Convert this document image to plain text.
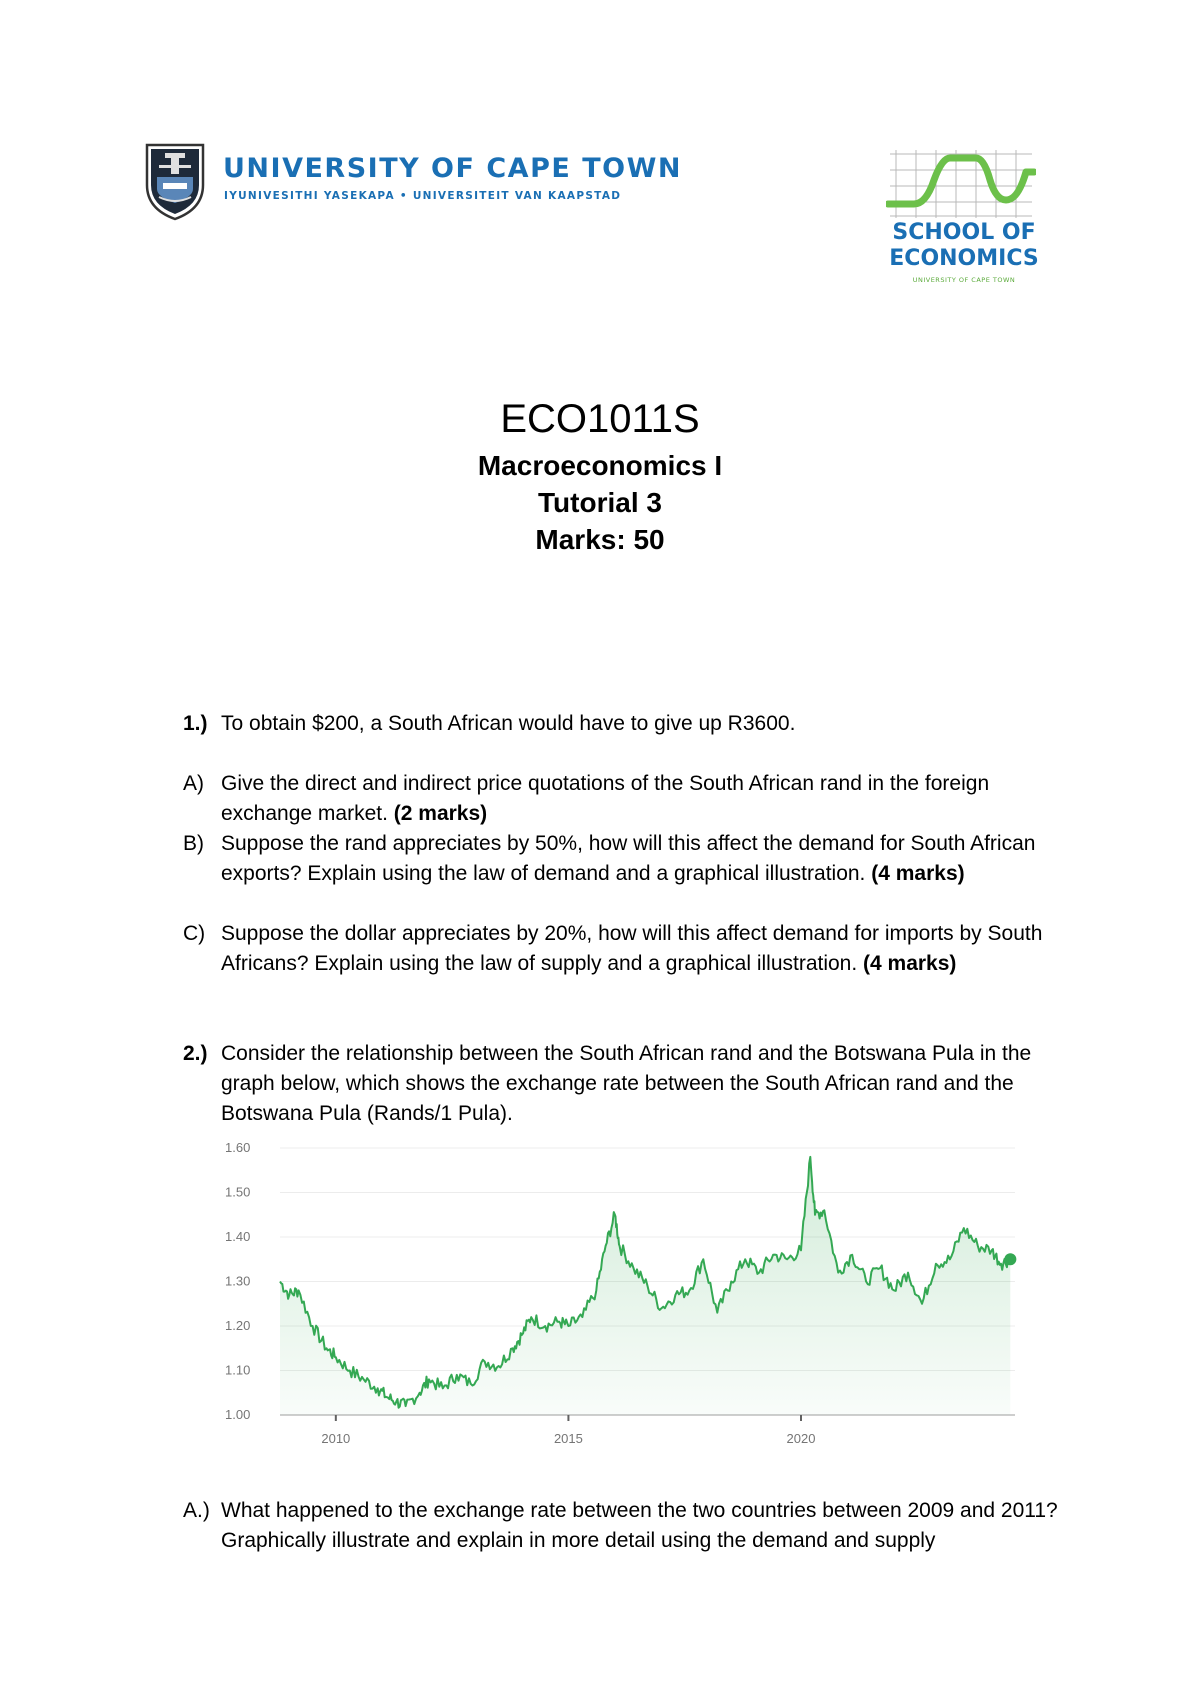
UNIVERSITY OF CAPE TOWN
IYUNIVESITHI YASEKAPA • UNIVERSITEIT VAN KAAPSTAD
SCHOOL OF
ECONOMICS
UNIVERSITY OF CAPE TOWN
ECO1011S
Macroeconomics I
Tutorial 3
Marks: 50
1.) To obtain $200, a South African would have to give up R3600.
A) Give the direct and indirect price quotations of the South African rand in the foreign exchange market. (2 marks)
B) Suppose the rand appreciates by 50%, how will this affect the demand for South African exports? Explain using the law of demand and a graphical illustration. (4 marks)
C) Suppose the dollar appreciates by 20%, how will this affect demand for imports by South Africans? Explain using the law of supply and a graphical illustration. (4 marks)
2.) Consider the relationship between the South African rand and the Botswana Pula in the graph below, which shows the exchange rate between the South African rand and the Botswana Pula (Rands/1 Pula).
1.60
1.50
1.40
1.30
1.20
1.10
1.00
2010	2015	2020
A.) What happened to the exchange rate between the two countries between 2009 and 2011? Graphically illustrate and explain in more detail using the demand and supply
